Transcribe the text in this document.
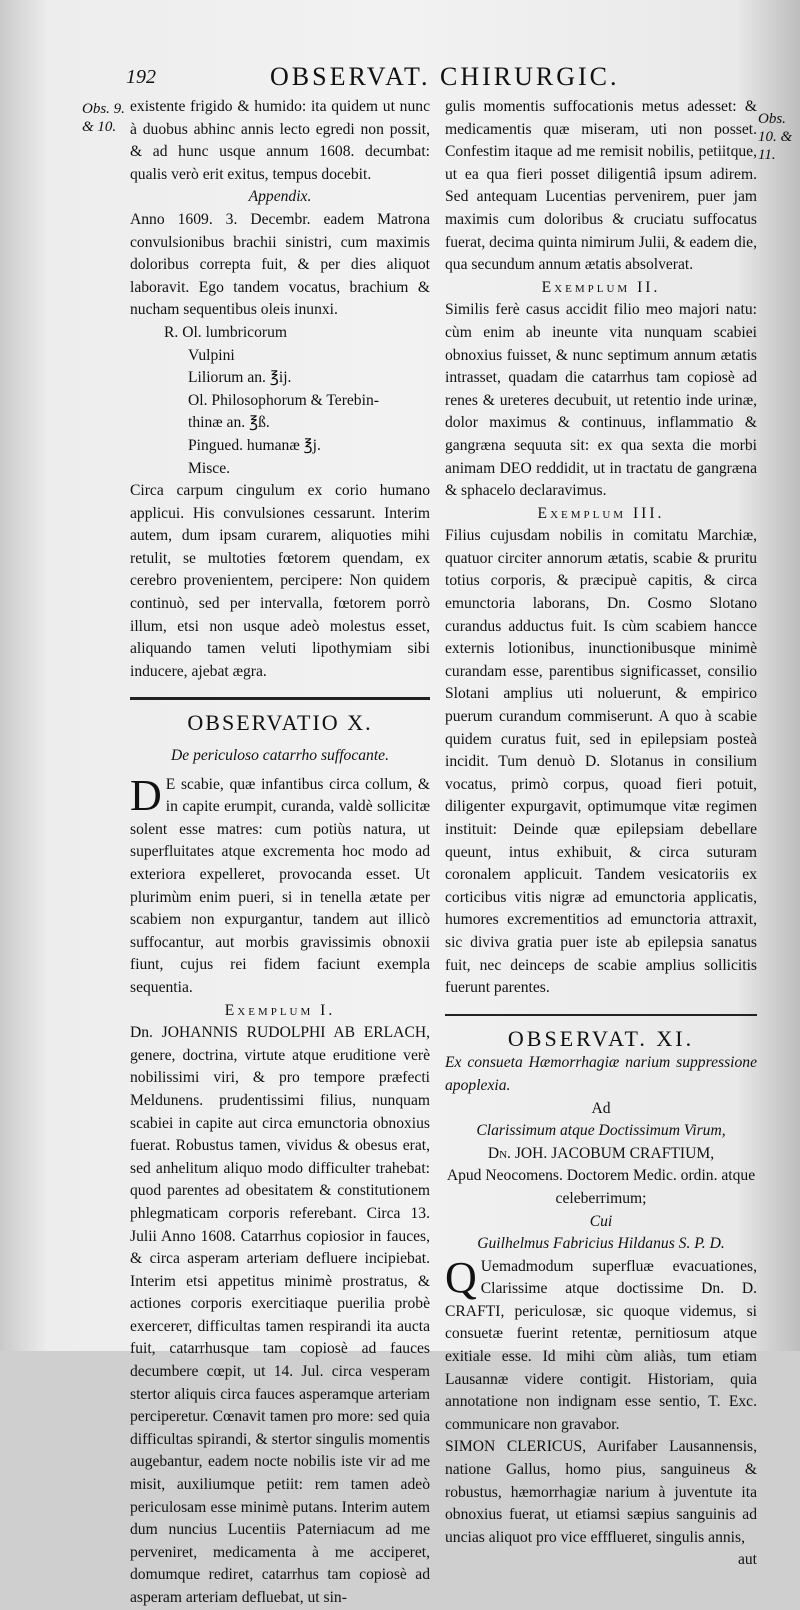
192	OBSERVAT. CHIRURGIC.
Obs. 9. & 10.	Obs. 10. & 11.

existente frigido & humido: ita quidem ut nunc à duobus abhinc annis lecto egredi non possit, & ad hunc usque annum 1608. decumbat: qualis verò erit exitus, tempus docebit.

Appendix.

Anno 1609. 3. Decembr. eadem Matrona convulsionibus brachii sinistri, cum maximis doloribus correpta fuit, & per dies aliquot laboravit. Ego tandem vocatus, brachium & nucham sequentibus oleis inunxi.

R. Ol. lumbricorum

Vulpini

Liliorum an. ℥ij.

Ol. Philosophorum & Terebin-

thinæ an. ℥ß.

Pingued. humanæ ℥j.

Misce.

Circa carpum cingulum ex corio humano applicui. His convulsiones cessarunt. Interim autem, dum ipsam curarem, aliquoties mihi retulit, se multoties fœtorem quendam, ex cerebro provenientem, percipere: Non quidem continuò, sed per intervalla, fœtorem porrò illum, etsi non usque adeò molestus esset, aliquando tamen veluti lipothymiam sibi inducere, ajebat ægra.

OBSERVATIO X.

De periculoso catarrho suffocante.

D E scabie, quæ infantibus circa collum, & in capite erumpit, curanda, valdè sollicitæ solent esse matres: cum potiùs natura, ut superfluitates atque excrementa hoc modo ad exteriora expelleret, provocanda esset. Ut plurimùm enim pueri, si in tenella ætate per scabiem non expurgantur, tandem aut illicò suffocantur, aut morbis gravissimis obnoxii fiunt, cujus rei fidem faciunt exempla sequentia.

Exemplum I.

Dn. JOHANNIS RUDOLPHI AB ERLACH, genere, doctrina, virtute atque eruditione verè nobilissimi viri, & pro tempore præfecti Meldunens. prudentissimi filius, nunquam scabiei in capite aut circa emunctoria obnoxius fuerat. Robustus tamen, vividus & obesus erat, sed anhelitum aliquo modo difficulter trahebat: quod parentes ad obesitatem & constitutionem phlegmaticam corporis referebant. Circa 13. Julii Anno 1608. Catarrhus copiosior in fauces, & circa asperam arteriam defluere incipiebat. Interim etsi appetitus minimè prostratus, & actiones corporis exercitiaque puerilia probè exercerет, difficultas tamen respirandi ita aucta fuit, catarrhusque tam copiosè ad fauces decumbere cœpit, ut 14. Jul. circa vesperam stertor aliquis circa fauces asperamque arteriam perciperetur. Cœnavit tamen pro more: sed quia difficultas spirandi, & stertor singulis momentis augebantur, eadem nocte nobilis iste vir ad me misit, auxiliumque petiit: rem tamen adeò periculosam esse minimè putans. Interim autem dum nuncius Lucentiis Paterniacum ad me perveniret, medicamenta à me acciperet, domumque rediret, catarrhus tam copiosè ad asperam arteriam defluebat, ut sin-

gulis momentis suffocationis metus adesset: & medicamentis quæ miseram, uti non posset. Confestim itaque ad me remisit nobilis, petiitque, ut ea qua fieri posset diligentiâ ipsum adirem. Sed antequam Lucentias pervenirem, puer jam maximis cum doloribus & cruciatu suffocatus fuerat, decima quinta nimirum Julii, & eadem die, qua secundum annum ætatis absolverat.

Exemplum II.

Similis ferè casus accidit filio meo majori natu: cùm enim ab ineunte vita nunquam scabiei obnoxius fuisset, & nunc septimum annum ætatis intrasset, quadam die catarrhus tam copiosè ad renes & ureteres decubuit, ut retentio inde urinæ, dolor maximus & continuus, inflammatio & gangræna sequuta sit: ex qua sexta die morbi animam DEO reddidit, ut in tractatu de gangræna & sphacelo declaravimus.

Exemplum III.

Filius cujusdam nobilis in comitatu Marchiæ, quatuor circiter annorum ætatis, scabie & pruritu totius corporis, & præcipuè capitis, & circa emunctoria laborans, Dn. Cosmo Slotano curandus adductus fuit. Is cùm scabiem hancce externis lotionibus, inunctionibusque minimè curandam esse, parentibus significasset, consilio Slotani amplius uti noluerunt, & empirico puerum curandum commiserunt. A quo à scabie quidem curatus fuit, sed in epilepsiam posteà incidit. Tum denuò D. Slotanus in consilium vocatus, primò corpus, quoad fieri potuit, diligenter expurgavit, optimumque vitæ regimen instituit: Deinde quæ epilepsiam debellare queunt, intus exhibuit, & circa suturam coronalem applicuit. Tandem vesicatoriis ex corticibus vitis nigræ ad emunctoria applicatis, humores excrementitios ad emunctoria attraxit, sic diviva gratia puer iste ab epilepsia sanatus fuit, nec deinceps de scabie amplius sollicitis fuerunt parentes.

OBSERVAT. XI.

Ex consueta Hæmorrhagiæ narium suppressione apoplexia.

Ad

Clarissimum atque Doctissimum Virum,

Dn. JOH. JACOBUM CRAFTIUM,

Apud Neocomens. Doctorem Medic. ordin. atque celeberrimum;

Cui

Guilhelmus Fabricius Hildanus S. P. D.

Q Uemadmodum superfluæ evacuationes, Clarissime atque doctissime Dn. D. CRAFTI, periculosæ, sic quoque videmus, si consuetæ fuerint retentæ, pernitiosum atque exitiale esse. Id mihi cùm aliàs, tum etiam Lausannæ videre contigit. Historiam, quia annotatione non indignam esse sentio, T. Exc. communicare non gravabor.

SIMON CLERICUS, Aurifaber Lausannensis, natione Gallus, homo pius, sanguineus & robustus, hæmorrhagiæ narium à juventute ita obnoxius fuerat, ut etiamsi sæpius sanguinis ad uncias aliquot pro vice effflueret, singulis annis,

aut
